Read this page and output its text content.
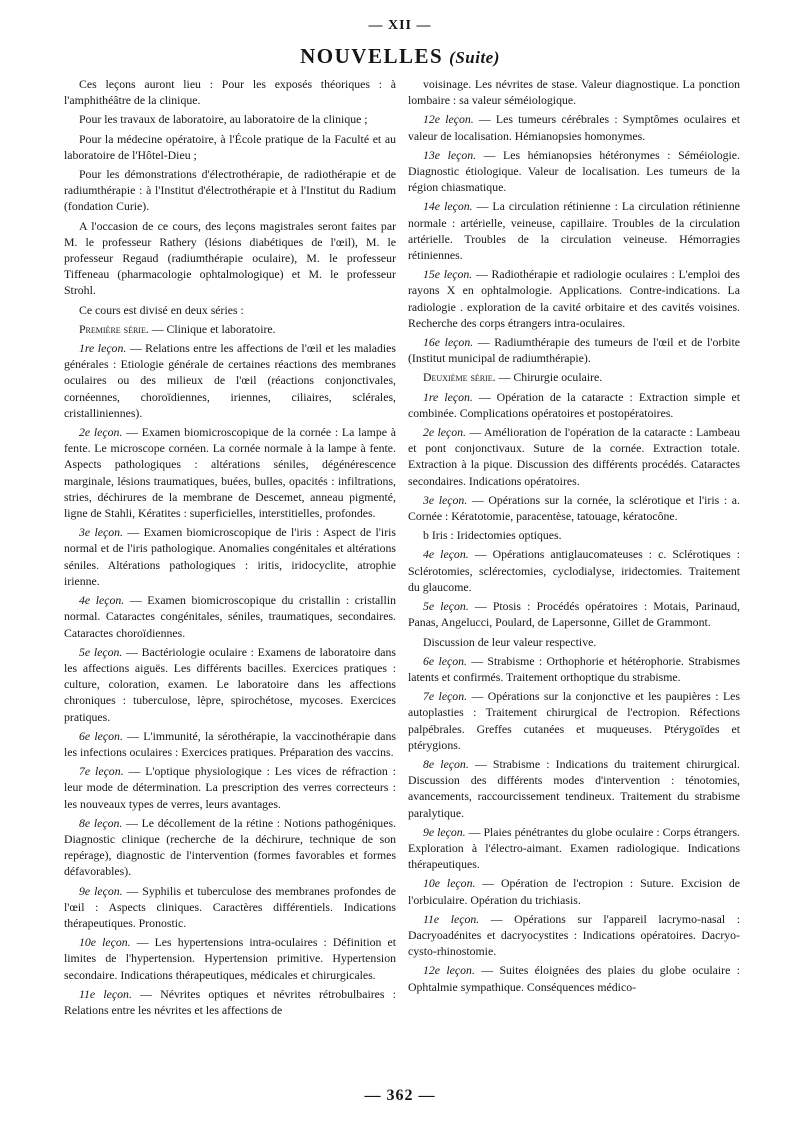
— XII —
NOUVELLES (Suite)

Ces leçons auront lieu : Pour les exposés théoriques : à l'amphithéâtre de la clinique.

Pour les travaux de laboratoire, au laboratoire de la clinique ;

Pour la médecine opératoire, à l'École pratique de la Faculté et au laboratoire de l'Hôtel-Dieu ;

Pour les démonstrations d'électrothérapie, de radiothérapie et de radiumthérapie : à l'Institut d'électrothérapie et à l'Institut du Radium (fondation Curie).

A l'occasion de ce cours, des leçons magistrales seront faites par M. le professeur Rathery (lésions diabétiques de l'œil), M. le professeur Regaud (radiumthérapie oculaire), M. le professeur Tiffeneau (pharmacologie ophtalmologique) et M. le professeur Strohl.

Ce cours est divisé en deux séries :

Première série. — Clinique et laboratoire.

1re leçon. — Relations entre les affections de l'œil et les maladies générales : Etiologie générale de certaines réactions des membranes oculaires ou des milieux de l'œil (réactions conjonctivales, cornéennes, choroïdiennes, iriennes, ciliaires, sclérales, cristalliniennes).

2e leçon. — Examen biomicroscopique de la cornée : La lampe à fente. Le microscope cornéen. La cornée normale à la lampe à fente. Aspects pathologiques : altérations séniles, dégénérescence marginale, lésions traumatiques, buées, bulles, opacités : infiltrations, stries, déchirures de la membrane de Descemet, anneau pigmenté, ligne de Stahli, Kératites : superficielles, interstitielles, profondes.

3e leçon. — Examen biomicroscopique de l'iris : Aspect de l'iris normal et de l'iris pathologique. Anomalies congénitales et altérations séniles. Altérations pathologiques : iritis, iridocyclite, atrophie irienne.

4e leçon. — Examen biomicroscopique du cristallin : cristallin normal. Cataractes congénitales, séniles, traumatiques, secondaires. Cataractes choroïdiennes.

5e leçon. — Bactériologie oculaire : Examens de laboratoire dans les affections aiguës. Les différents bacilles. Exercices pratiques : culture, coloration, examen. Le laboratoire dans les affections chroniques : tuberculose, lèpre, spirochétose, mycoses. Exercices pratiques.

6e leçon. — L'immunité, la sérothérapie, la vaccinothérapie dans les infections oculaires : Exercices pratiques. Préparation des vaccins.

7e leçon. — L'optique physiologique : Les vices de réfraction : leur mode de détermination. La prescription des verres correcteurs : les nouveaux types de verres, leurs avantages.

8e leçon. — Le décollement de la rétine : Notions pathogéniques. Diagnostic clinique (recherche de la déchirure, technique de son repérage), diagnostic de l'intervention (formes favorables et formes défavorables).

9e leçon. — Syphilis et tuberculose des membranes profondes de l'œil : Aspects cliniques. Caractères différentiels. Indications thérapeutiques. Pronostic.

10e leçon. — Les hypertensions intra-oculaires : Définition et limites de l'hypertension. Hypertension primitive. Hypertension secondaire. Indications thérapeutiques, médicales et chirurgicales.

11e leçon. — Névrites optiques et névrites rétrobulbaires : Relations entre les névrites et les affections de

voisinage. Les névrites de stase. Valeur diagnostique. La ponction lombaire : sa valeur séméiologique.

12e leçon. — Les tumeurs cérébrales : Symptômes oculaires et valeur de localisation. Hémianopsies homonymes.

13e leçon. — Les hémianopsies hétéronymes : Séméiologie. Diagnostic étiologique. Valeur de localisation. Les tumeurs de la région chiasmatique.

14e leçon. — La circulation rétinienne : La circulation rétinienne normale : artérielle, veineuse, capillaire. Troubles de la circulation artérielle. Troubles de la circulation veineuse. Hémorragies rétiniennes.

15e leçon. — Radiothérapie et radiologie oculaires : L'emploi des rayons X en ophtalmologie. Applications. Contre-indications. La radiologie . exploration de la cavité orbitaire et des cavités voisines. Recherche des corps étrangers intra-oculaires.

16e leçon. — Radiumthérapie des tumeurs de l'œil et de l'orbite (Institut municipal de radiumthérapie).

Deuxième série. — Chirurgie oculaire.

1re leçon. — Opération de la cataracte : Extraction simple et combinée. Complications opératoires et postopératoires.

2e leçon. — Amélioration de l'opération de la cataracte : Lambeau et pont conjonctivaux. Suture de la cornée. Extraction totale. Extraction à la pique. Discussion des différents procédés. Cataractes secondaires. Indications opératoires.

3e leçon. — Opérations sur la cornée, la sclérotique et l'iris : a. Cornée : Kératotomie, paracentèse, tatouage, kératocône.

b Iris : Iridectomies optiques.

4e leçon. — Opérations antiglaucomateuses : c. Sclérotiques : Sclérotomies, sclérectomies, cyclodialyse, iridectomies. Traitement du glaucome.

5e leçon. — Ptosis : Procédés opératoires : Motais, Parinaud, Panas, Angelucci, Poulard, de Lapersonne, Gillet de Grammont.

Discussion de leur valeur respective.

6e leçon. — Strabisme : Orthophorie et hétérophorie. Strabismes latents et confirmés. Traitement orthoptique du strabisme.

7e leçon. — Opérations sur la conjonctive et les paupières : Les autoplasties : Traitement chirurgical de l'ectropion. Réfections palpébrales. Greffes cutanées et muqueuses. Ptérygoïdes et ptérygions.

8e leçon. — Strabisme : Indications du traitement chirurgical. Discussion des différents modes d'intervention : ténotomies, avancements, raccourcissement tendineux. Traitement du strabisme paralytique.

9e leçon. — Plaies pénétrantes du globe oculaire : Corps étrangers. Exploration à l'électro-aimant. Examen radiologique. Indications thérapeutiques.

10e leçon. — Opération de l'ectropion : Suture. Excision de l'orbiculaire. Opération du trichiasis.

11e leçon. — Opérations sur l'appareil lacrymo-nasal : Dacryoadénites et dacryocystites : Indications opératoires. Dacryo-cysto-rhinostomie.

12e leçon. — Suites éloignées des plaies du globe oculaire : Ophtalmie sympathique. Conséquences médico-

— 362 —
